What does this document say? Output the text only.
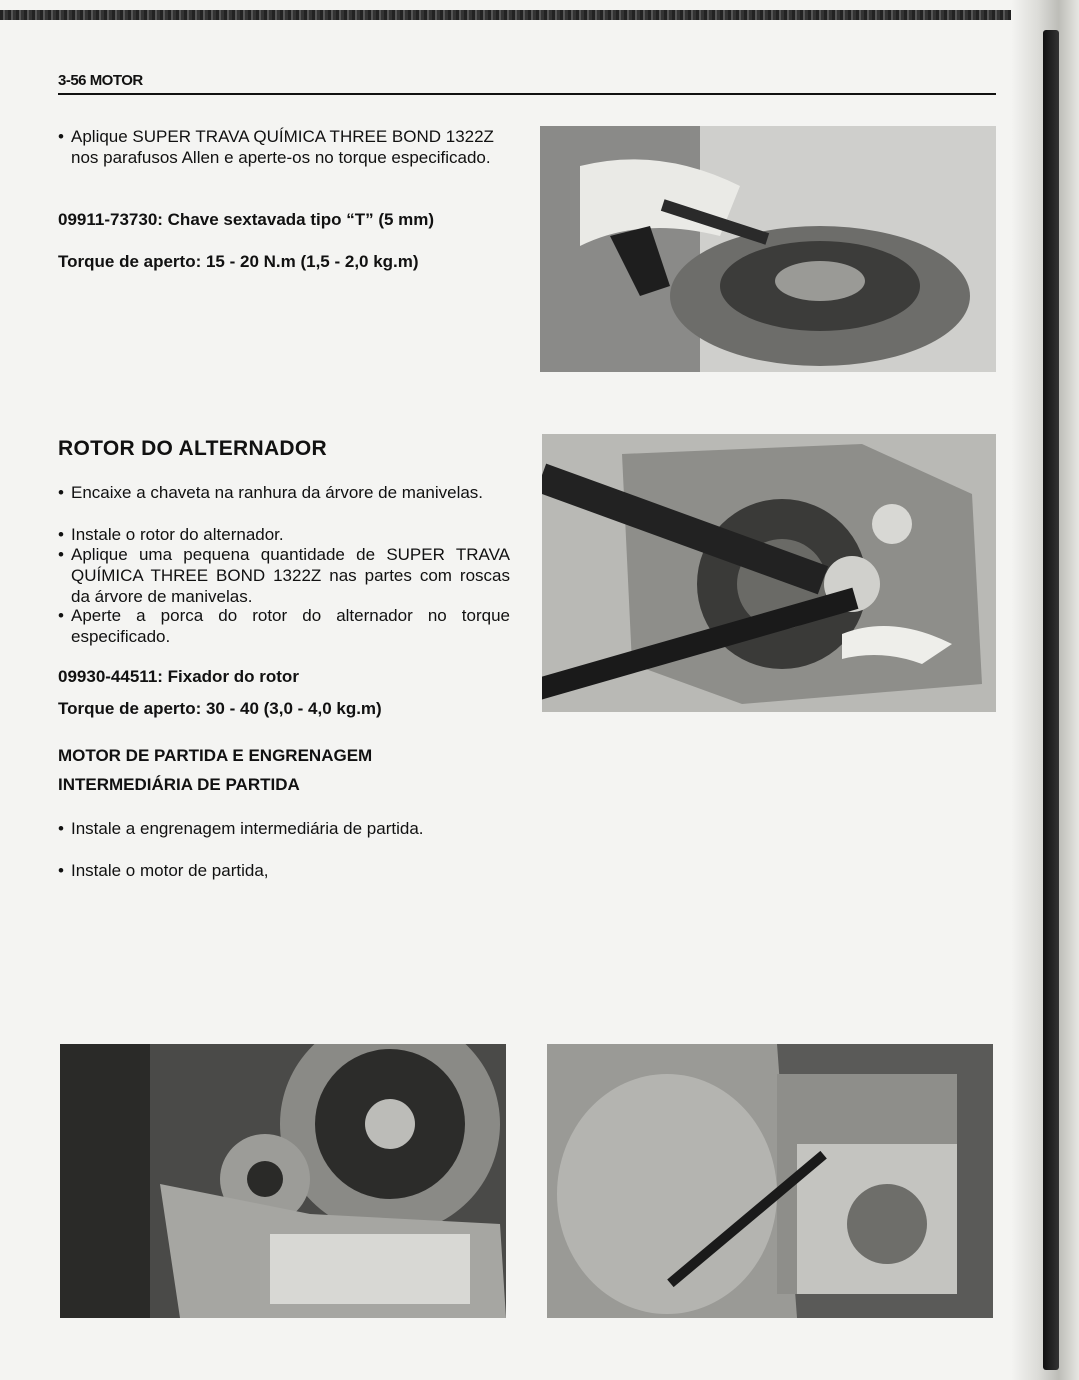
3-56 MOTOR
• Aplique SUPER TRAVA QUÍMICA THREE BOND 1322Z nos parafusos Allen e aperte-os no torque especificado.
09911-73730: Chave sextavada tipo “T” (5 mm)
Torque de aperto: 15 - 20 N.m (1,5 - 2,0 kg.m)
ROTOR DO ALTERNADOR
• Encaixe a chaveta na ranhura da árvore de manivelas.
• Instale o rotor do alternador.
• Aplique uma pequena quantidade de SUPER TRAVA QUÍMICA THREE BOND 1322Z nas partes com roscas da árvore de manivelas.
• Aperte a porca do rotor do alternador no torque especificado.
09930-44511: Fixador do rotor
Torque de aperto: 30 - 40 (3,0 - 4,0 kg.m)
MOTOR DE PARTIDA E ENGRENAGEM
INTERMEDIÁRIA DE PARTIDA
• Instale a engrenagem intermediária de partida.
• Instale o motor de partida,
